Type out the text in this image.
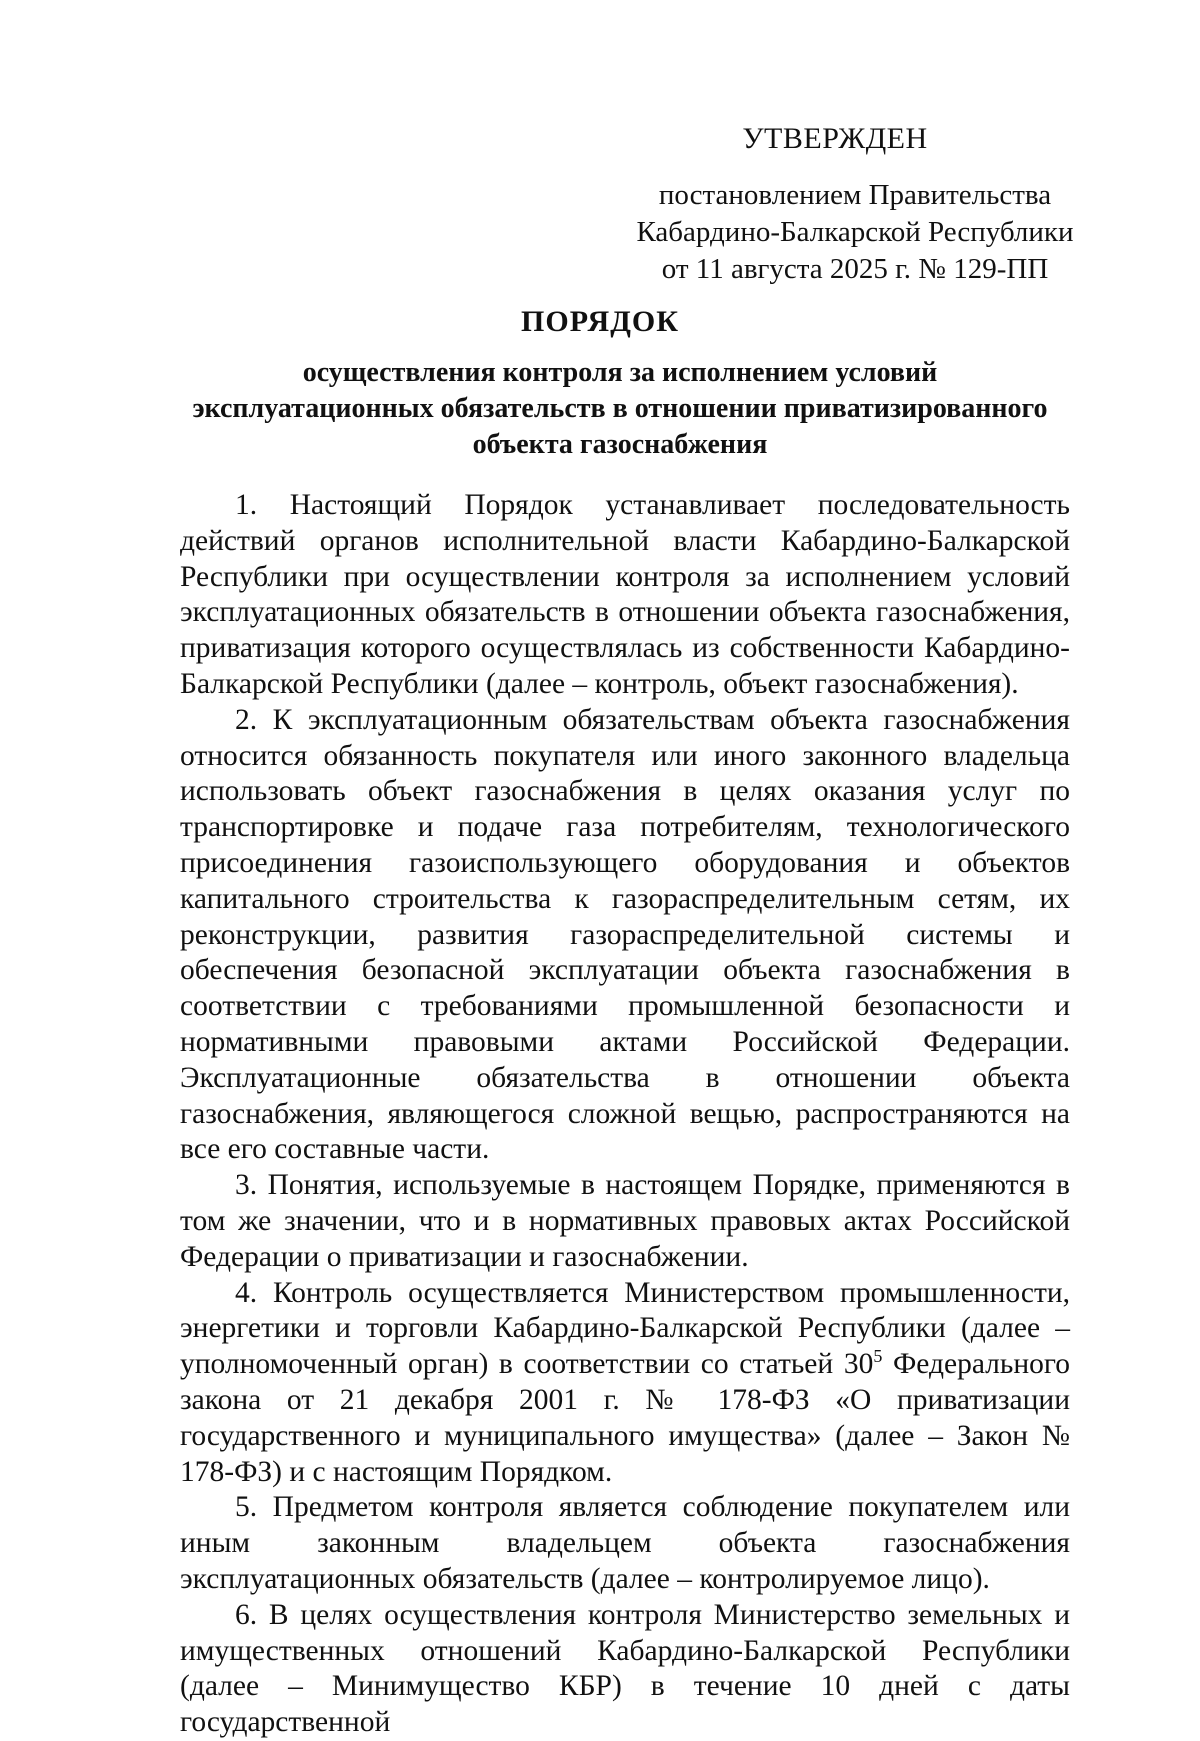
УТВЕРЖДЕН
постановлением Правительства
Кабардино-Балкарской Республики
от 11 августа 2025 г. № 129-ПП
ПОРЯДОК
осуществления контроля за исполнением условий
эксплуатационных обязательств в отношении приватизированного
объекта газоснабжения

1. Настоящий Порядок устанавливает последовательность действий органов исполнительной власти Кабардино-Балкарской Республики при осуществлении контроля за исполнением условий эксплуатационных обязательств в отношении объекта газоснабжения, приватизация которого осуществлялась из собственности Кабардино-Балкарской Республики (далее – контроль, объект газоснабжения).

2. К эксплуатационным обязательствам объекта газоснабжения относится обязанность покупателя или иного законного владельца использовать объект газоснабжения в целях оказания услуг по транспортировке и подаче газа потребителям, технологического присоединения газоиспользующего оборудования и объектов капитального строительства к газораспределительным сетям, их реконструкции, развития газораспределительной системы и обеспечения безопасной эксплуатации объекта газоснабжения в соответствии с требованиями промышленной безопасности и нормативными правовыми актами Российской Федерации. Эксплуатационные обязательства в отношении объекта газоснабжения, являющегося сложной вещью, распространяются на все его составные части.

3. Понятия, используемые в настоящем Порядке, применяются в том же значении, что и в нормативных правовых актах Российской Федерации о приватизации и газоснабжении.

4. Контроль осуществляется Министерством промышленности, энергетики и торговли Кабардино-Балкарской Республики (далее – уполномоченный орган) в соответствии со статьей $30^5$ Федерального закона от 21 декабря 2001 г. № 178-ФЗ «О приватизации государственного и муниципального имущества» (далее – Закон № 178-ФЗ) и с настоящим Порядком.

5. Предметом контроля является соблюдение покупателем или иным законным владельцем объекта газоснабжения эксплуатационных обязательств (далее – контролируемое лицо).

6. В целях осуществления контроля Министерство земельных и имущественных отношений Кабардино-Балкарской Республики (далее – Минимущество КБР) в течение 10 дней с даты государственной
